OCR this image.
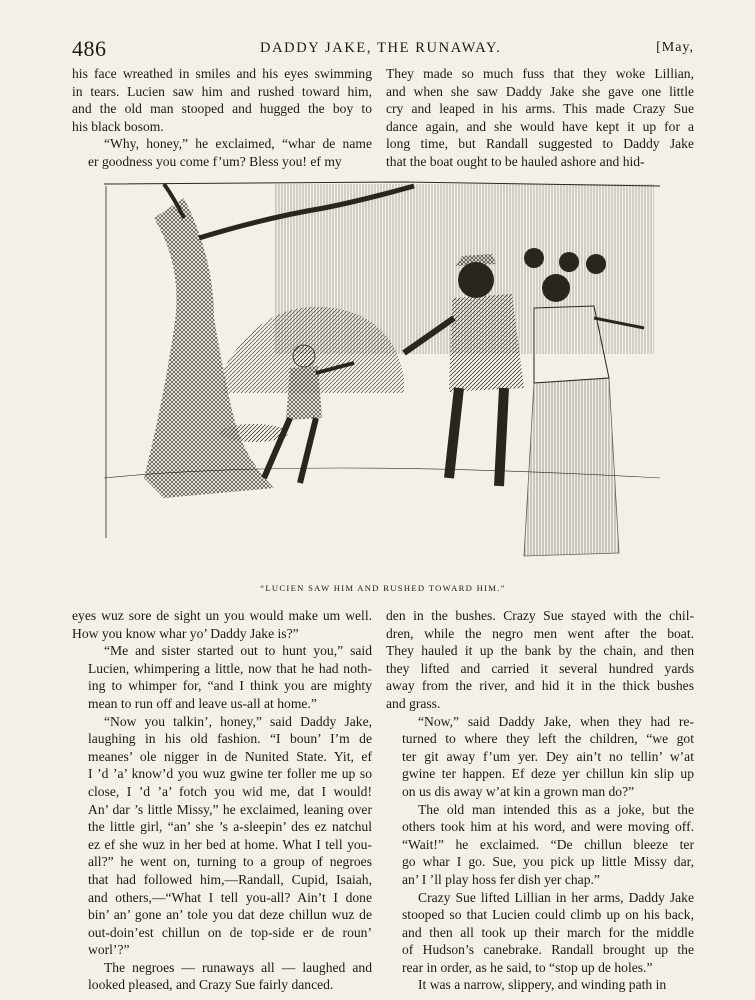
486	DADDY JAKE, THE RUNAWAY.	[May,

his face wreathed in smiles and his eyes swimming
in tears. Lucien saw him and rushed toward him,
and the old man stooped and hugged the boy to
his black bosom.

“Why, honey,” he exclaimed, “whar de name
er goodness you come f’um? Bless you! ef my

They made so much fuss that they woke Lillian,
and when she saw Daddy Jake she gave one little
cry and leaped in his arms. This made Crazy Sue
dance again, and she would have kept it up for a
long time, but Randall suggested to Daddy Jake
that the boat ought to be hauled ashore and hid-

“LUCIEN SAW HIM AND RUSHED TOWARD HIM.”

eyes wuz sore de sight un you would make um well.
How you know whar yo’ Daddy Jake is?”

“Me and sister started out to hunt you,” said
Lucien, whimpering a little, now that he had noth-
ing to whimper for, “and I think you are mighty
mean to run off and leave us-all at home.”

“Now you talkin’, honey,” said Daddy Jake,
laughing in his old fashion. “I boun’ I’m de
meanes’ ole nigger in de Nunited State. Yit, ef
I ’d ’a’ know’d you wuz gwine ter foller me up so
close, I ’d ’a’ fotch you wid me, dat I would!
An’ dar ’s little Missy,” he exclaimed, leaning over
the little girl, “an’ she ’s a-sleepin’ des ez natchul
ez ef she wuz in her bed at home. What I tell you-
all?” he went on, turning to a group of negroes
that had followed him,—Randall, Cupid, Isaiah,
and others,—“What I tell you-all? Ain’t I done
bin’ an’ gone an’ tole you dat deze chillun wuz de
out-doin’est chillun on de top-side er de roun’
worl’?”

The negroes — runaways all — laughed and
looked pleased, and Crazy Sue fairly danced.

den in the bushes. Crazy Sue stayed with the chil-
dren, while the negro men went after the boat.
They hauled it up the bank by the chain, and then
they lifted and carried it several hundred yards
away from the river, and hid it in the thick bushes
and grass.

“Now,” said Daddy Jake, when they had re-
turned to where they left the children, “we got
ter git away f’um yer. Dey ain’t no tellin’ w’at
gwine ter happen. Ef deze yer chillun kin slip up
on us dis away w’at kin a grown man do?”

The old man intended this as a joke, but the
others took him at his word, and were moving off.
“Wait!” he exclaimed. “De chillun bleeze ter
go whar I go. Sue, you pick up little Missy dar,
an’ I ’ll play hoss fer dish yer chap.”

Crazy Sue lifted Lillian in her arms, Daddy Jake
stooped so that Lucien could climb up on his back,
and then all took up their march for the middle
of Hudson’s canebrake. Randall brought up the
rear in order, as he said, to “stop up de holes.”

It was a narrow, slippery, and winding path in
